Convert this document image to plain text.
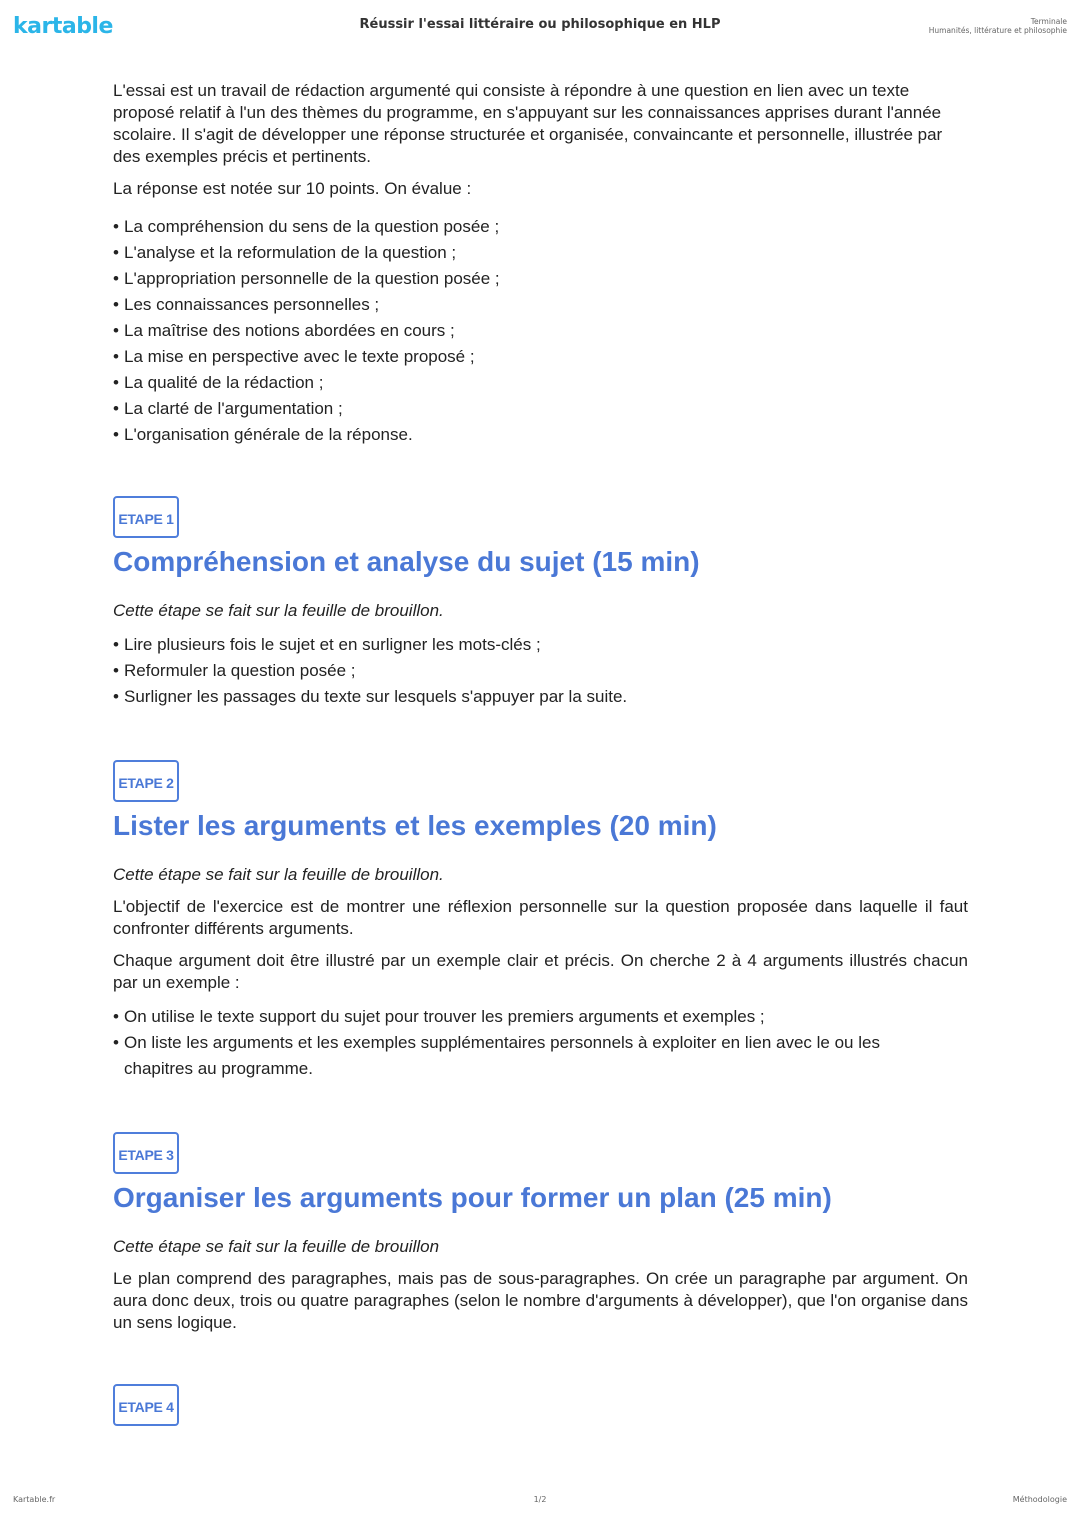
kartable	Réussir l'essai littéraire ou philosophique en HLP	Terminale
Humanités, littérature et philosophie

L'essai est un travail de rédaction argumenté qui consiste à répondre à une question en lien avec un texte proposé relatif à l'un des thèmes du programme, en s'appuyant sur les connaissances apprises durant l'année scolaire. Il s'agit de développer une réponse structurée et organisée, convaincante et personnelle, illustrée par des exemples précis et pertinents.

La réponse est notée sur 10 points. On évalue :

• La compréhension du sens de la question posée ;
• L'analyse et la reformulation de la question ;
• L'appropriation personnelle de la question posée ;
• Les connaissances personnelles ;
• La maîtrise des notions abordées en cours ;
• La mise en perspective avec le texte proposé ;
• La qualité de la rédaction ;
• La clarté de l'argumentation ;
• L'organisation générale de la réponse.
ETAPE 1
Compréhension et analyse du sujet (15 min)

Cette étape se fait sur la feuille de brouillon.

• Lire plusieurs fois le sujet et en surligner les mots-clés ;
• Reformuler la question posée ;
• Surligner les passages du texte sur lesquels s'appuyer par la suite.
ETAPE 2
Lister les arguments et les exemples (20 min)

Cette étape se fait sur la feuille de brouillon.

L'objectif de l'exercice est de montrer une réflexion personnelle sur la question proposée dans laquelle il faut confronter différents arguments.

Chaque argument doit être illustré par un exemple clair et précis. On cherche 2 à 4 arguments illustrés chacun par un exemple :

• On utilise le texte support du sujet pour trouver les premiers arguments et exemples ;
• On liste les arguments et les exemples supplémentaires personnels à exploiter en lien avec le ou les chapitres au programme.
ETAPE 3
Organiser les arguments pour former un plan (25 min)

Cette étape se fait sur la feuille de brouillon

Le plan comprend des paragraphes, mais pas de sous-paragraphes. On crée un paragraphe par argument. On aura donc deux, trois ou quatre paragraphes (selon le nombre d'arguments à développer), que l'on organise dans un sens logique.

ETAPE 4
Kartable.fr	1/2	Méthodologie
